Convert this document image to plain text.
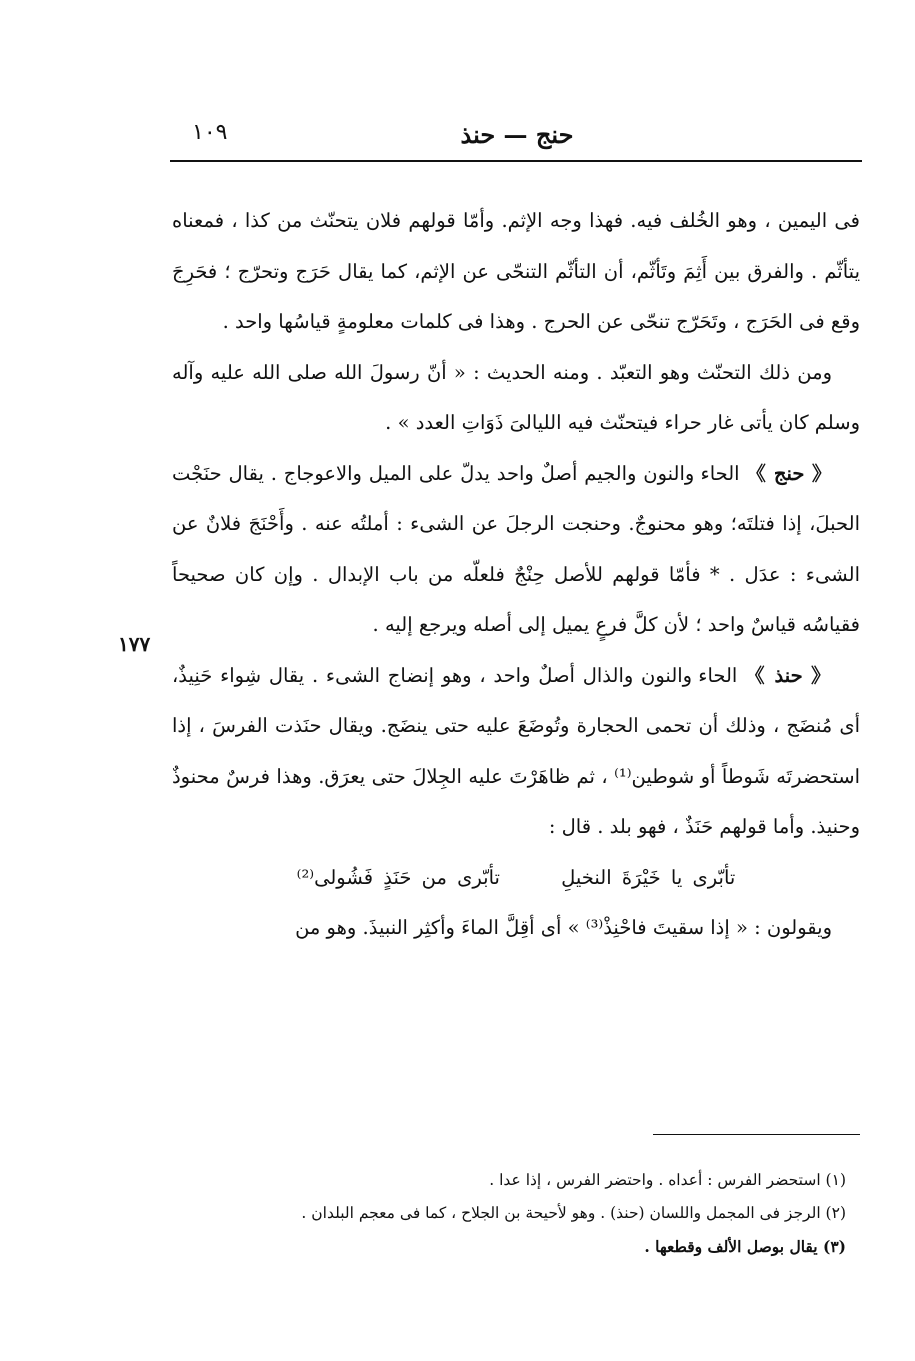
حنج — حنذ
١٠٩
١٧٧

فى اليمين ، وهو الخُلف فيه. فهذا وجه الإثم. وأمّا قولهم فلان يتحنّث من كذا ، فمعناه يتأثّم . والفرق بين أَثِمَ وتَأثّم، أن التأثّم التنحّى عن الإثم، كما يقال حَرَج وتحرّج ؛ فحَرِجَ وقع فى الحَرَج ، وتَحَرّج تنحّى عن الحرج . وهذا فى كلمات معلومةٍ قياسُها واحد .

ومن ذلك التحنّث وهو التعبّد . ومنه الحديث : « أنّ رسولَ الله صلى الله عليه وآله وسلم كان يأتى غار حراء فيتحنّث فيه الليالىَ ذَوَاتِ العدد » .

《 حنج 》 الحاء والنون والجيم أصلٌ واحد يدلّ على الميل والاعوجاج . يقال حنَجْت الحبلَ، إذا فتلتَه؛ وهو محنوجٌ. وحنجت الرجلَ عن الشىء : أملتُه عنه . وأَحْنَجَ فلانٌ عن الشىء : عدَل . * فأمّا قولهم للأصل حِنْجٌ فلعلّه من باب الإبدال . وإن كان صحيحاً فقياسُه قياسٌ واحد ؛ لأن كلَّ فرعٍ يميل إلى أصله ويرجع إليه .

《 حنذ 》 الحاء والنون والذال أصلٌ واحد ، وهو إنضاج الشىء . يقال شِواء حَنِيذٌ، أى مُنضَج ، وذلك أن تحمى الحجارة وتُوضَعَ عليه حتى ينضَج. ويقال حنَذت الفرسَ ، إذا استحضرتَه شَوطاً أو شوطين⁽¹⁾ ، ثم ظاهَرْتَ عليه الجِلالَ حتى يعرَق. وهذا فرسٌ محنوذٌ وحنيذ. وأما قولهم حَنَذٌ ، فهو بلد . قال :

تأبّرى يا خَيْرَةَ النخيلِ      تأبّرى من حَنَذٍ فَشُولى⁽²⁾

ويقولون : « إذا سقيتَ فاحْنِذْ⁽³⁾ » أى أقِلَّ الماءَ وأكثِر النبيذَ. وهو من

(١) استحضر الفرس : أعداه . واحتضر الفرس ، إذا عدا .

(٢) الرجز فى المجمل واللسان (حنذ) . وهو لأحيحة بن الجلاح ، كما فى معجم البلدان .

(٣) يقال بوصل الألف وقطعها .
